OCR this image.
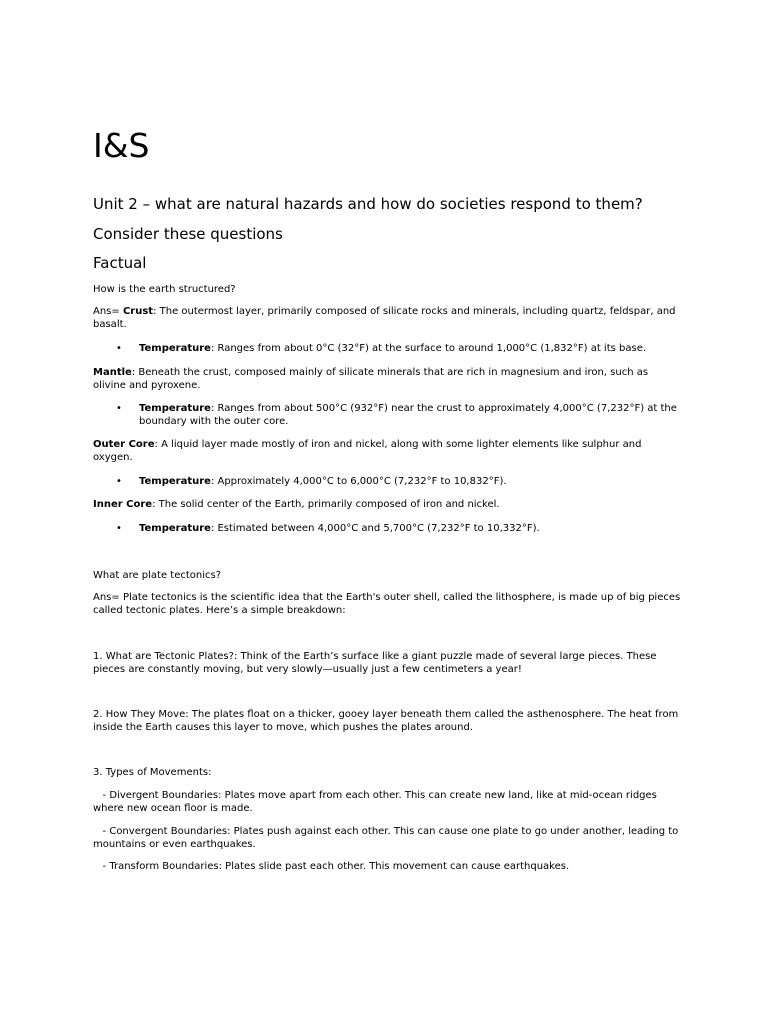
I&S
Unit 2 – what are natural hazards and how do societies respond to them?
Consider these questions
Factual

How is the earth structured?

Ans= Crust: The outermost layer, primarily composed of silicate rocks and minerals, including quartz, feldspar, and basalt.

• Temperature: Ranges from about 0°C (32°F) at the surface to around 1,000°C (1,832°F) at its base.

Mantle: Beneath the crust, composed mainly of silicate minerals that are rich in magnesium and iron, such as olivine and pyroxene.

• Temperature: Ranges from about 500°C (932°F) near the crust to approximately 4,000°C (7,232°F) at the boundary with the outer core.

Outer Core: A liquid layer made mostly of iron and nickel, along with some lighter elements like sulphur and oxygen.

• Temperature: Approximately 4,000°C to 6,000°C (7,232°F to 10,832°F).

Inner Core: The solid center of the Earth, primarily composed of iron and nickel.

• Temperature: Estimated between 4,000°C and 5,700°C (7,232°F to 10,332°F).

What are plate tectonics?

Ans= Plate tectonics is the scientific idea that the Earth's outer shell, called the lithosphere, is made up of big pieces called tectonic plates. Here’s a simple breakdown:

1. What are Tectonic Plates?: Think of the Earth’s surface like a giant puzzle made of several large pieces. These pieces are constantly moving, but very slowly—usually just a few centimeters a year!

2. How They Move: The plates float on a thicker, gooey layer beneath them called the asthenosphere. The heat from inside the Earth causes this layer to move, which pushes the plates around.

3. Types of Movements:

- Divergent Boundaries: Plates move apart from each other. This can create new land, like at mid-ocean ridges where new ocean floor is made.

- Convergent Boundaries: Plates push against each other. This can cause one plate to go under another, leading to mountains or even earthquakes.

- Transform Boundaries: Plates slide past each other. This movement can cause earthquakes.
